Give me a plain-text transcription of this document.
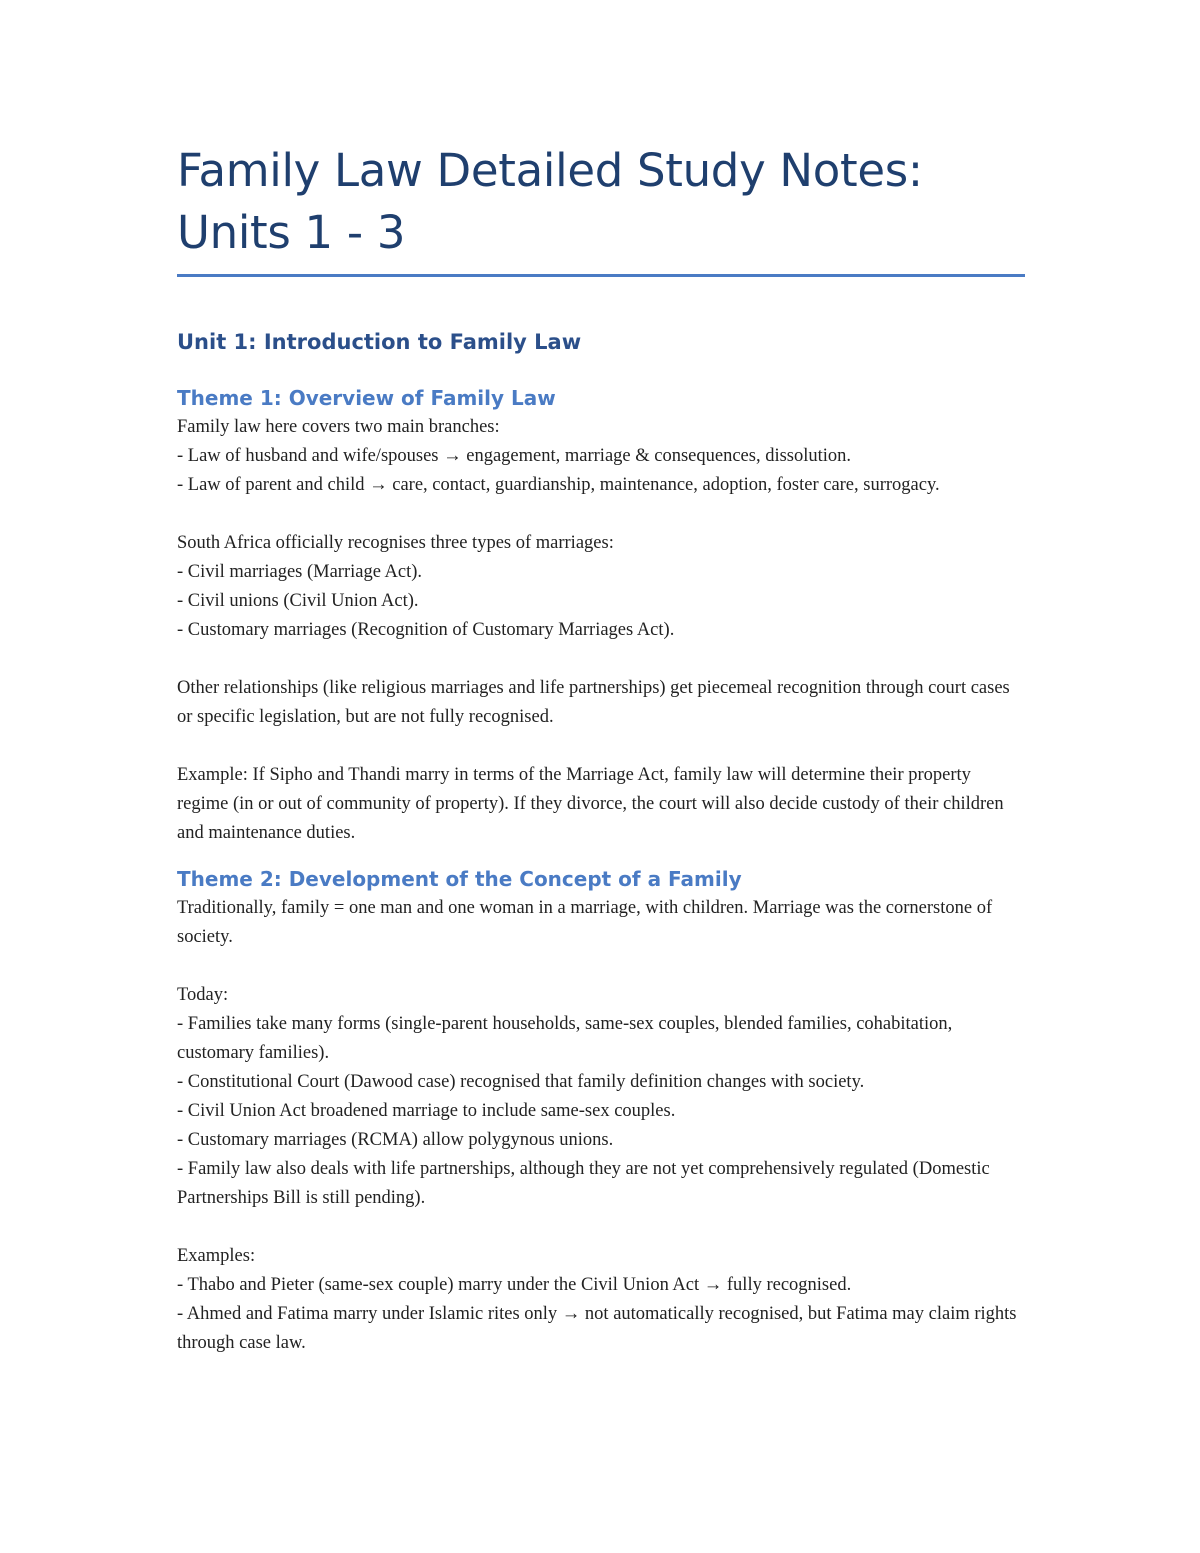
Family Law Detailed Study Notes: Units 1 - 3
Unit 1: Introduction to Family Law
Theme 1: Overview of Family Law

Family law here covers two main branches:

- Law of husband and wife/spouses → engagement, marriage & consequences, dissolution.

- Law of parent and child → care, contact, guardianship, maintenance, adoption, foster care, surrogacy.

South Africa officially recognises three types of marriages:

- Civil marriages (Marriage Act).

- Civil unions (Civil Union Act).

- Customary marriages (Recognition of Customary Marriages Act).

Other relationships (like religious marriages and life partnerships) get piecemeal recognition through court cases or specific legislation, but are not fully recognised.

Example: If Sipho and Thandi marry in terms of the Marriage Act, family law will determine their property regime (in or out of community of property). If they divorce, the court will also decide custody of their children and maintenance duties.

Theme 2: Development of the Concept of a Family

Traditionally, family = one man and one woman in a marriage, with children. Marriage was the cornerstone of society.

Today:

- Families take many forms (single-parent households, same-sex couples, blended families, cohabitation, customary families).

- Constitutional Court (Dawood case) recognised that family definition changes with society.

- Civil Union Act broadened marriage to include same-sex couples.

- Customary marriages (RCMA) allow polygynous unions.

- Family law also deals with life partnerships, although they are not yet comprehensively regulated (Domestic Partnerships Bill is still pending).

Examples:

- Thabo and Pieter (same-sex couple) marry under the Civil Union Act → fully recognised.

- Ahmed and Fatima marry under Islamic rites only → not automatically recognised, but Fatima may claim rights through case law.
